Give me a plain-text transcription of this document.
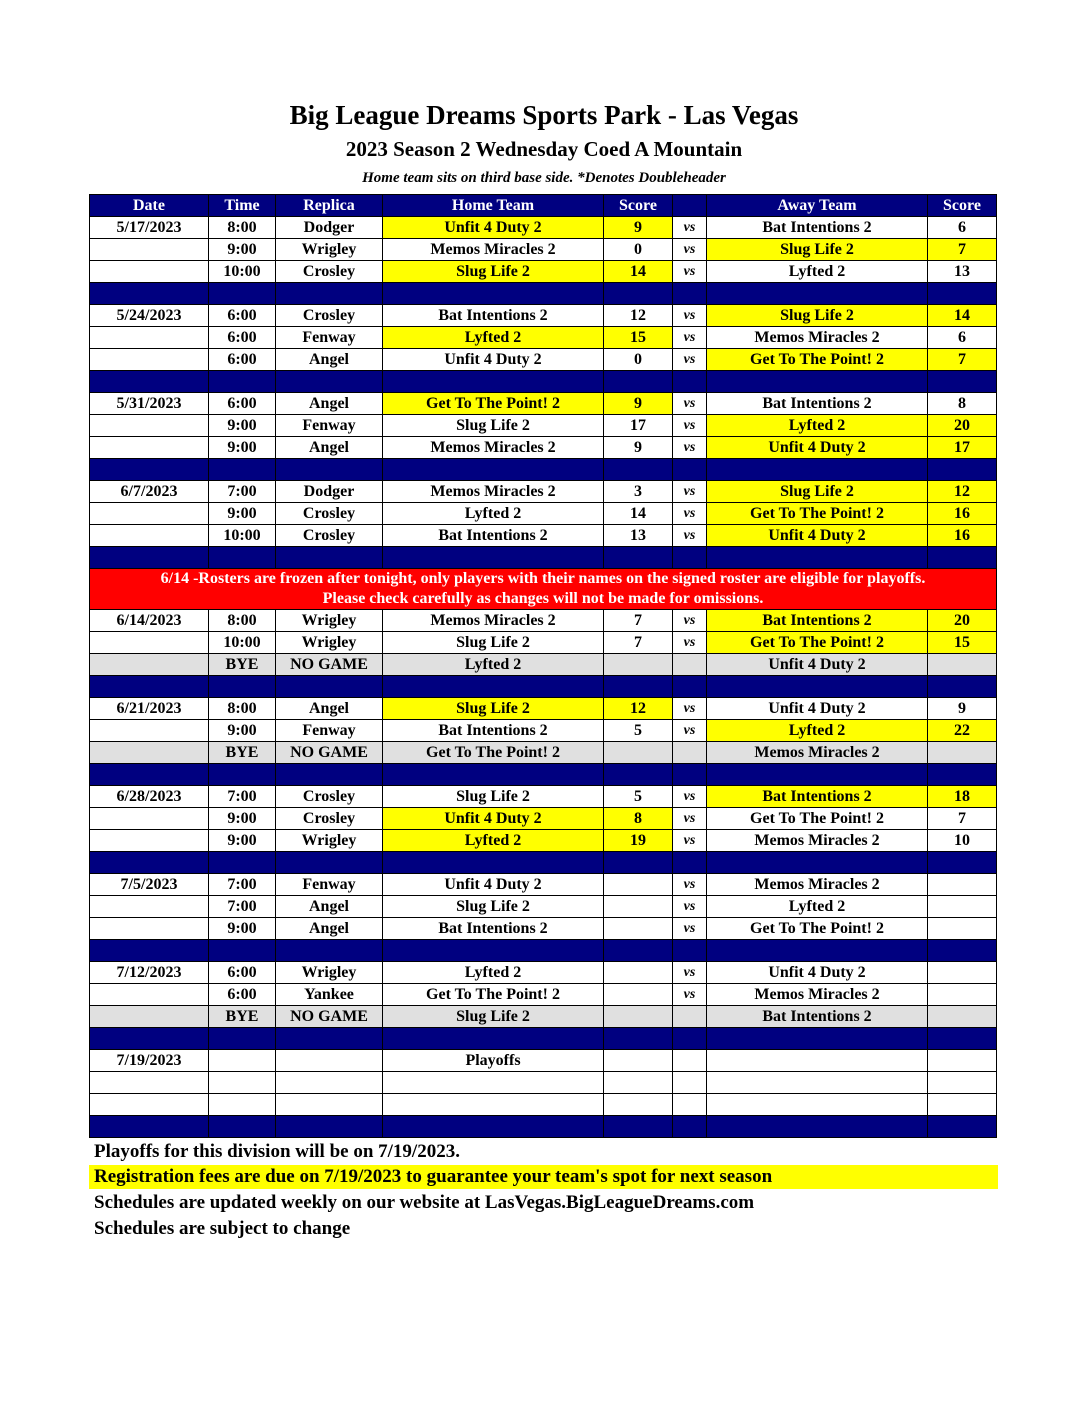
Big League Dreams Sports Park - Las Vegas
2023 Season 2 Wednesday Coed A Mountain
Home team sits on third base side. *Denotes Doubleheader
Date	Time	Replica	Home Team	Score		Away Team	Score
5/17/2023	8:00	Dodger	Unfit 4 Duty 2	9	vs	Bat Intentions 2	6
	9:00	Wrigley	Memos Miracles 2	0	vs	Slug Life 2	7
	10:00	Crosley	Slug Life 2	14	vs	Lyfted 2	13

5/24/2023	6:00	Crosley	Bat Intentions 2	12	vs	Slug Life 2	14
	6:00	Fenway	Lyfted 2	15	vs	Memos Miracles 2	6
	6:00	Angel	Unfit 4 Duty 2	0	vs	Get To The Point! 2	7

5/31/2023	6:00	Angel	Get To The Point! 2	9	vs	Bat Intentions 2	8
	9:00	Fenway	Slug Life 2	17	vs	Lyfted 2	20
	9:00	Angel	Memos Miracles 2	9	vs	Unfit 4 Duty 2	17

6/7/2023	7:00	Dodger	Memos Miracles 2	3	vs	Slug Life 2	12
	9:00	Crosley	Lyfted 2	14	vs	Get To The Point! 2	16
	10:00	Crosley	Bat Intentions 2	13	vs	Unfit 4 Duty 2	16

6/14 -Rosters are frozen after tonight, only players with their names on the signed roster are eligible for playoffs.
Please check carefully as changes will not be made for omissions.							

6/14/2023	8:00	Wrigley	Memos Miracles 2	7	vs	Bat Intentions 2	20
	10:00	Wrigley	Slug Life 2	7	vs	Get To The Point! 2	15
	BYE	NO GAME	Lyfted 2			Unfit 4 Duty 2	

6/21/2023	8:00	Angel	Slug Life 2	12	vs	Unfit 4 Duty 2	9
	9:00	Fenway	Bat Intentions 2	5	vs	Lyfted 2	22
	BYE	NO GAME	Get To The Point! 2			Memos Miracles 2	

6/28/2023	7:00	Crosley	Slug Life 2	5	vs	Bat Intentions 2	18
	9:00	Crosley	Unfit 4 Duty 2	8	vs	Get To The Point! 2	7
	9:00	Wrigley	Lyfted 2	19	vs	Memos Miracles 2	10

7/5/2023	7:00	Fenway	Unfit 4 Duty 2		vs	Memos Miracles 2	
	7:00	Angel	Slug Life 2		vs	Lyfted 2	
	9:00	Angel	Bat Intentions 2		vs	Get To The Point! 2	

7/12/2023	6:00	Wrigley	Lyfted 2		vs	Unfit 4 Duty 2	
	6:00	Yankee	Get To The Point! 2		vs	Memos Miracles 2	
	BYE	NO GAME	Slug Life 2			Bat Intentions 2	

7/19/2023			Playoffs				

Playoffs for this division will be on 7/19/2023.
Registration fees are due on 7/19/2023 to guarantee your team's spot for next season
Schedules are updated weekly on our website at LasVegas.BigLeagueDreams.com
Schedules are subject to change
